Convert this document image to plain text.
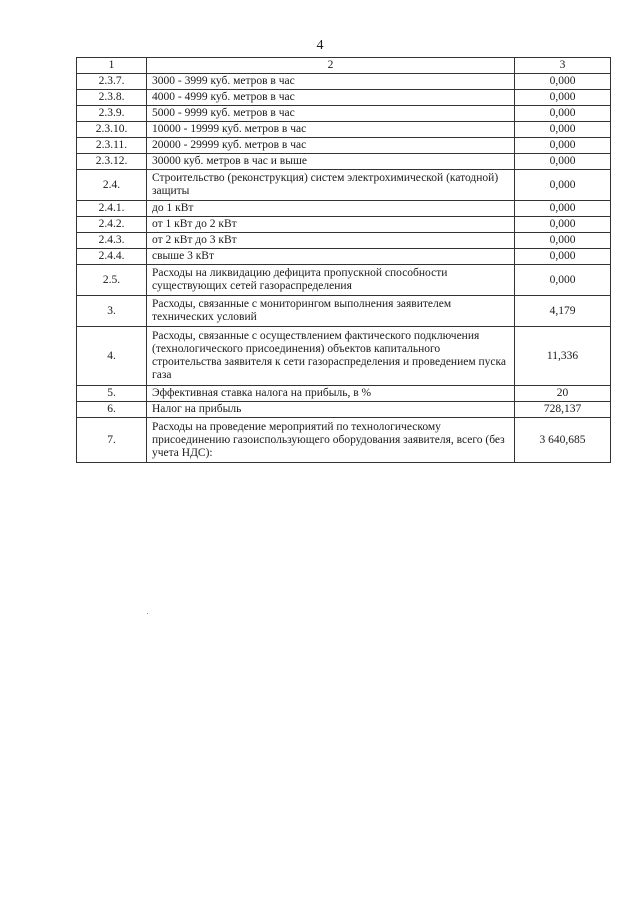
4
1	2	3
2.3.7.	3000 - 3999 куб. метров в час	0,000
2.3.8.	4000 - 4999 куб. метров в час	0,000
2.3.9.	5000 - 9999 куб. метров в час	0,000
2.3.10.	10000 - 19999 куб. метров в час	0,000
2.3.11.	20000 - 29999 куб. метров в час	0,000
2.3.12.	30000 куб. метров в час и выше	0,000
2.4.	Строительство (реконструкция) систем электрохимической (катодной) защиты	0,000
2.4.1.	до 1 кВт	0,000
2.4.2.	от 1 кВт до 2 кВт	0,000
2.4.3.	от 2 кВт до 3 кВт	0,000
2.4.4.	свыше 3 кВт	0,000
2.5.	Расходы на ликвидацию дефицита пропускной способности существующих сетей газораспределения	0,000
3.	Расходы, связанные с мониторингом выполнения заявителем технических условий	4,179
4.	Расходы, связанные с осуществлением фактического подключения (технологического присоединения) объектов капитального строительства заявителя к сети газораспределения и проведением пуска газа	11,336
5.	Эффективная ставка налога на прибыль, в %	20
6.	Налог на прибыль	728,137
7.	Расходы на проведение мероприятий по технологическому присоединению газоиспользующего оборудования заявителя, всего (без учета НДС):	3 640,685
